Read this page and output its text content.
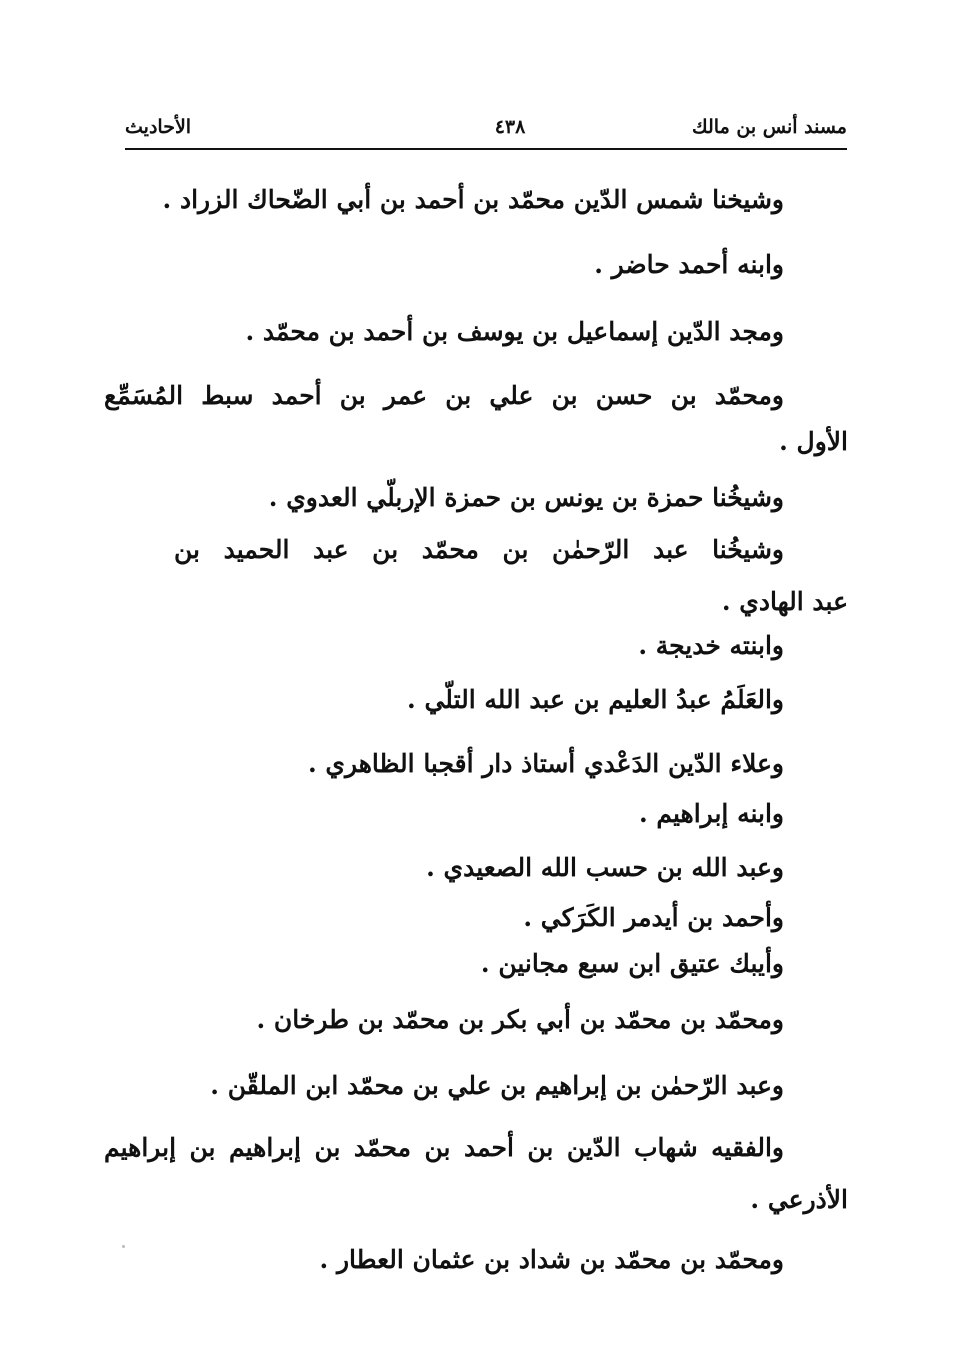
مسند أنس بن مالك
٤٣٨
الأحاديث
وشيخنا شمس الدّين محمّد بن أحمد بن أبي الضّحاك الزراد .
وابنه أحمد حاضر .
ومجد الدّين إسماعيل بن يوسف بن أحمد بن محمّد .
ومحمّد بن حسن بن علي بن عمر بن أحمد سبط المُسَمِّع
الأول .
وشيخُنا حمزة بن يونس بن حمزة الإربلّي العدوي .
وشيخُنا عبد الرّحمٰن بن محمّد بن عبد الحميد بن
عبد الهادي .
وابنته خديجة .
والعَلَمُ عبدُ العليم بن عبد الله التلّي .
وعلاء الدّين الدَعْدي أستاذ دار أقجبا الظاهري .
وابنه إبراهيم .
وعبد الله بن حسب الله الصعيدي .
وأحمد بن أيدمر الكَرَكي .
وأيبك عتيق ابن سبع مجانين .
ومحمّد بن محمّد بن أبي بكر بن محمّد بن طرخان .
وعبد الرّحمٰن بن إبراهيم بن علي بن محمّد ابن الملقّن .
والفقيه شهاب الدّين بن أحمد بن محمّد بن إبراهيم بن إبراهيم
الأذرعي .
ومحمّد بن محمّد بن شداد بن عثمان العطار .
